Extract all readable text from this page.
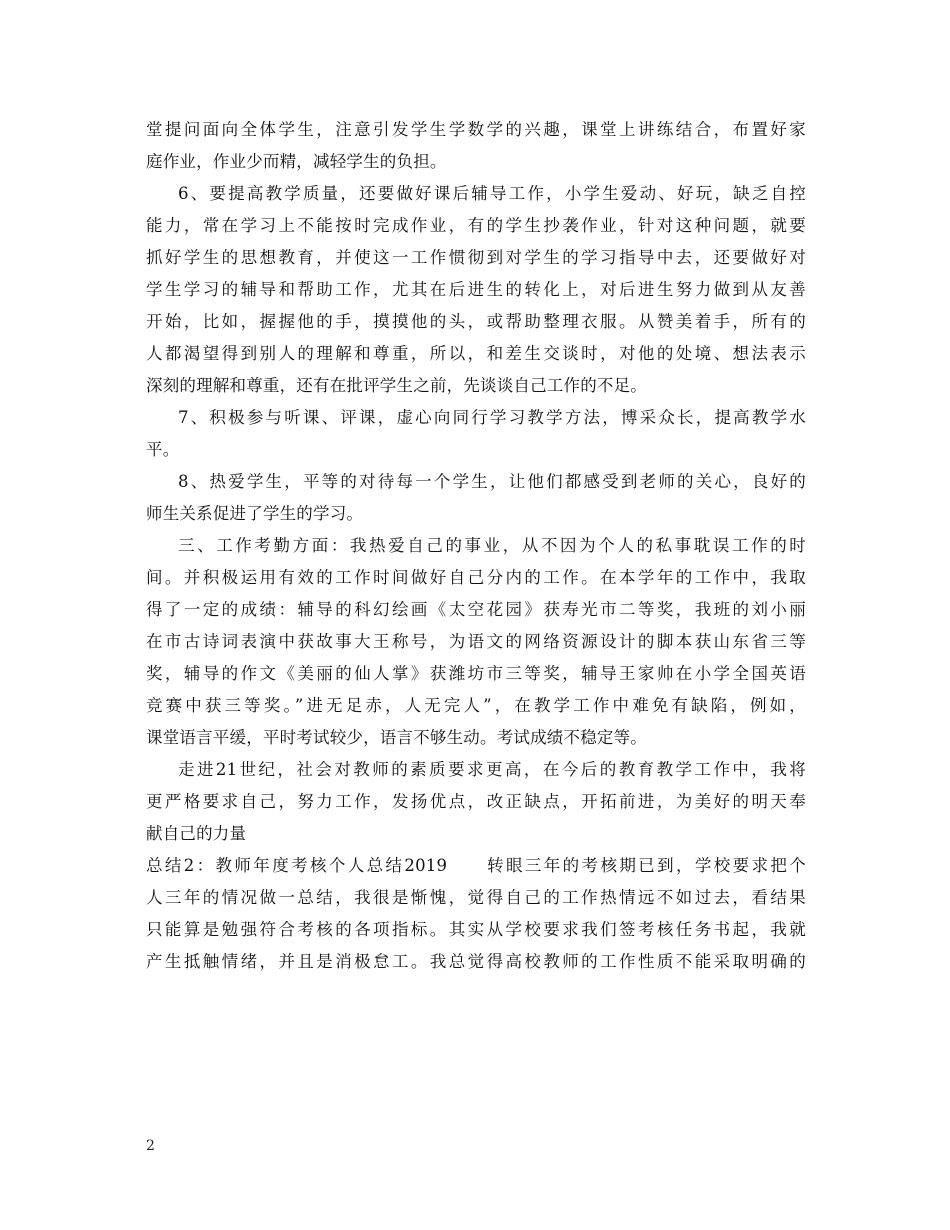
堂提问面向全体学生，注意引发学生学数学的兴趣，课堂上讲练结合，布置好家
庭作业，作业少而精，减轻学生的负担。
6、要提高教学质量，还要做好课后辅导工作，小学生爱动、好玩，缺乏自控
能力，常在学习上不能按时完成作业，有的学生抄袭作业，针对这种问题，就要
抓好学生的思想教育，并使这一工作惯彻到对学生的学习指导中去，还要做好对
学生学习的辅导和帮助工作，尤其在后进生的转化上，对后进生努力做到从友善
开始，比如，握握他的手，摸摸他的头，或帮助整理衣服。从赞美着手，所有的
人都渴望得到别人的理解和尊重，所以，和差生交谈时，对他的处境、想法表示
深刻的理解和尊重，还有在批评学生之前，先谈谈自己工作的不足。
7、积极参与听课、评课，虚心向同行学习教学方法，博采众长，提高教学水
平。
8、热爱学生，平等的对待每一个学生，让他们都感受到老师的关心，良好的
师生关系促进了学生的学习。
三、工作考勤方面：我热爱自己的事业，从不因为个人的私事耽误工作的时
间。并积极运用有效的工作时间做好自己分内的工作。在本学年的工作中，我取
得了一定的成绩：辅导的科幻绘画《太空花园》获寿光市二等奖，我班的刘小丽
在市古诗词表演中获故事大王称号，为语文的网络资源设计的脚本获山东省三等
奖，辅导的作文《美丽的仙人掌》获潍坊市三等奖，辅导王家帅在小学全国英语
竞赛中获三等奖。”进无足赤，人无完人”，在教学工作中难免有缺陷，例如，
课堂语言平缓，平时考试较少，语言不够生动。考试成绩不稳定等。
走进21世纪，社会对教师的素质要求更高，在今后的教育教学工作中，我将
更严格要求自己，努力工作，发扬优点，改正缺点，开拓前进，为美好的明天奉
献自己的力量
总结2：教师年度考核个人总结2019　　转眼三年的考核期已到，学校要求把个
人三年的情况做一总结，我很是惭愧，觉得自己的工作热情远不如过去，看结果
只能算是勉强符合考核的各项指标。其实从学校要求我们签考核任务书起，我就
产生抵触情绪，并且是消极怠工。我总觉得高校教师的工作性质不能采取明确的
2
